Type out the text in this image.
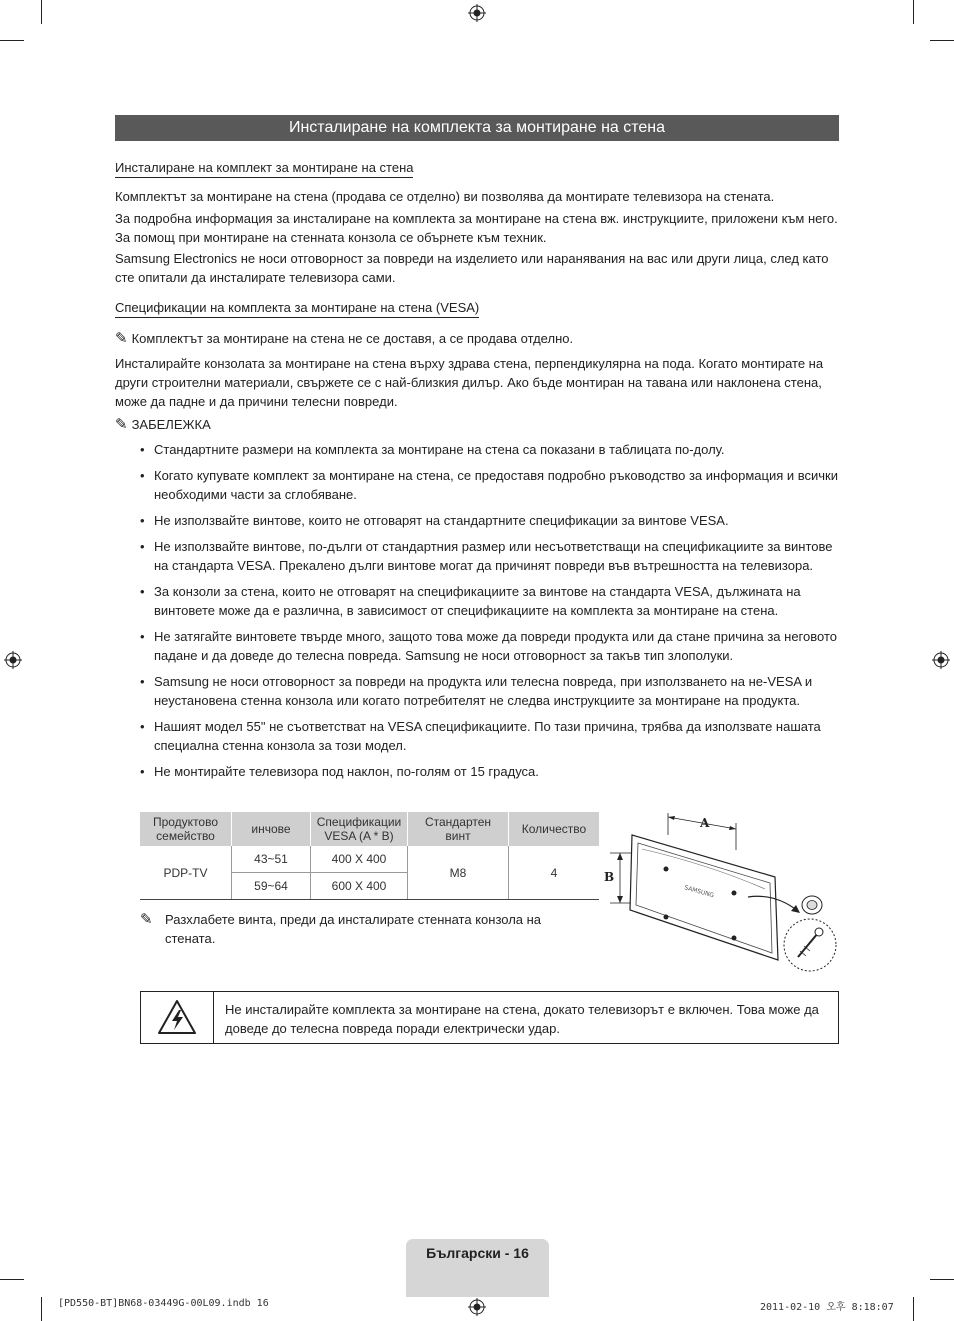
Инсталиране на комплекта за монтиране на стена
Инсталиране на комплект за монтиране на стена

Комплектът за монтиране на стена (продава се отделно) ви позволява да монтирате телевизора на стената.

За подробна информация за инсталиране на комплекта за монтиране на стена вж. инструкциите, приложени към него. За помощ при монтиране на стенната конзола се обърнете към техник.

Samsung Electronics не носи отговорност за повреди на изделието или наранявания на вас или други лица, след като сте опитали да инсталирате телевизора сами.

Спецификации на комплекта за монтиране на стена (VESA)
✎ Комплектът за монтиране на стена не се доставя, а се продава отделно.

Инсталирайте конзолата за монтиране на стена върху здрава стена, перпендикулярна на пода. Когато монтирате на други строителни материали, свържете се с най-близкия дилър. Ако бъде монтиран на тавана или наклонена стена, може да падне и да причини телесни повреди.

✎ ЗАБЕЛЕЖКА
• Стандартните размери на комплекта за монтиране на стена са показани в таблицата по-долу.
• Когато купувате комплект за монтиране на стена, се предоставя подробно ръководство за информация и всички необходими части за сглобяване.
• Не използвайте винтове, които не отговарят на стандартните спецификации за винтове VESA.
• Не използвайте винтове, по-дълги от стандартния размер или несъответстващи на спецификациите за винтове на стандарта VESA. Прекалено дълги винтове могат да причинят повреди във вътрешността на телевизора.
• За конзоли за стена, които не отговарят на спецификациите за винтове на стандарта VESA, дължината на винтовете може да е различна, в зависимост от спецификациите на комплекта за монтиране на стена.
• Не затягайте винтовете твърде много, защото това може да повреди продукта или да стане причина за неговото падане и да доведе до телесна повреда. Samsung не носи отговорност за такъв тип злополуки.
• Samsung не носи отговорност за повреди на продукта или телесна повреда, при използването на не-VESA и неустановена стенна конзола или когато потребителят не следва инструкциите за монтиране на продукта.
• Нашият модел 55" не съответстват на VESA спецификациите. По тази причина, трябва да използвате нашата специална стенна конзола за този модел.
• Не монтирайте телевизора под наклон, по-голям от 15 градуса.
Продуктово семейство	инчове	Спецификации VESA (A * B)	Стандартен винт	Количество
PDP-TV	43~51	400 X 400	M8	4
	59~64	600 X 400		
✎ Разхлабете винта, преди да инсталирате стенната конзола на стената.
A
B
SAMSUNG
Не инсталирайте комплекта за монтиране на стена, докато телевизорът е включен. Това може да доведе до телесна повреда поради електрически удар.
Български - 16
[PD550-BT]BN68-03449G-00L09.indb 16	2011-02-10 오후 8:18:07
